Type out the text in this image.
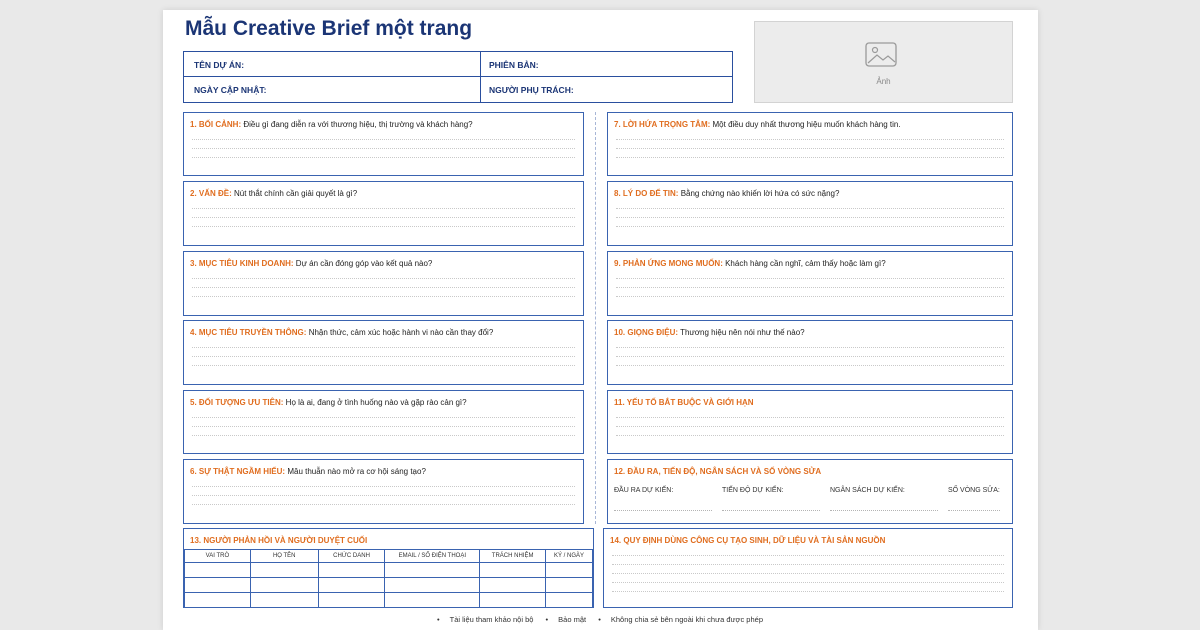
Mẫu Creative Brief một trang
TÊN DỰ ÁN:	PHIÊN BẢN:
NGÀY CẬP NHẬT:	NGƯỜI PHỤ TRÁCH:
Ảnh
1. BỐI CẢNH: Điều gì đang diễn ra với thương hiệu, thị trường và khách hàng?
2. VẤN ĐỀ: Nút thắt chính cần giải quyết là gì?
3. MỤC TIÊU KINH DOANH: Dự án cần đóng góp vào kết quả nào?
4. MỤC TIÊU TRUYỀN THÔNG: Nhận thức, cảm xúc hoặc hành vi nào cần thay đổi?
5. ĐỐI TƯỢNG ƯU TIÊN: Họ là ai, đang ở tình huống nào và gặp rào cản gì?
6. SỰ THẬT NGẦM HIỂU: Mâu thuẫn nào mở ra cơ hội sáng tạo?
7. LỜI HỨA TRỌNG TÂM: Một điều duy nhất thương hiệu muốn khách hàng tin.
8. LÝ DO ĐỂ TIN: Bằng chứng nào khiến lời hứa có sức nặng?
9. PHẢN ỨNG MONG MUỐN: Khách hàng cần nghĩ, cảm thấy hoặc làm gì?
10. GIỌNG ĐIỆU: Thương hiệu nên nói như thế nào?
11. YẾU TỐ BẮT BUỘC VÀ GIỚI HẠN
12. ĐẦU RA, TIẾN ĐỘ, NGÂN SÁCH VÀ SỐ VÒNG SỬA
ĐẦU RA DỰ KIẾN:	TIẾN ĐỘ DỰ KIẾN:	NGÂN SÁCH DỰ KIẾN:	SỐ VÒNG SỬA:
13. NGƯỜI PHẢN HỒI VÀ NGƯỜI DUYỆT CUỐI
VAI TRÒ	HỌ TÊN	CHỨC DANH	EMAIL / SỐ ĐIỆN THOẠI	TRÁCH NHIỆM	KÝ / NGÀY

14. QUY ĐỊNH DÙNG CÔNG CỤ TẠO SINH, DỮ LIỆU VÀ TÀI SẢN NGUỒN
• Tài liệu tham khảo nội bộ • Bảo mật • Không chia sẻ bên ngoài khi chưa được phép
